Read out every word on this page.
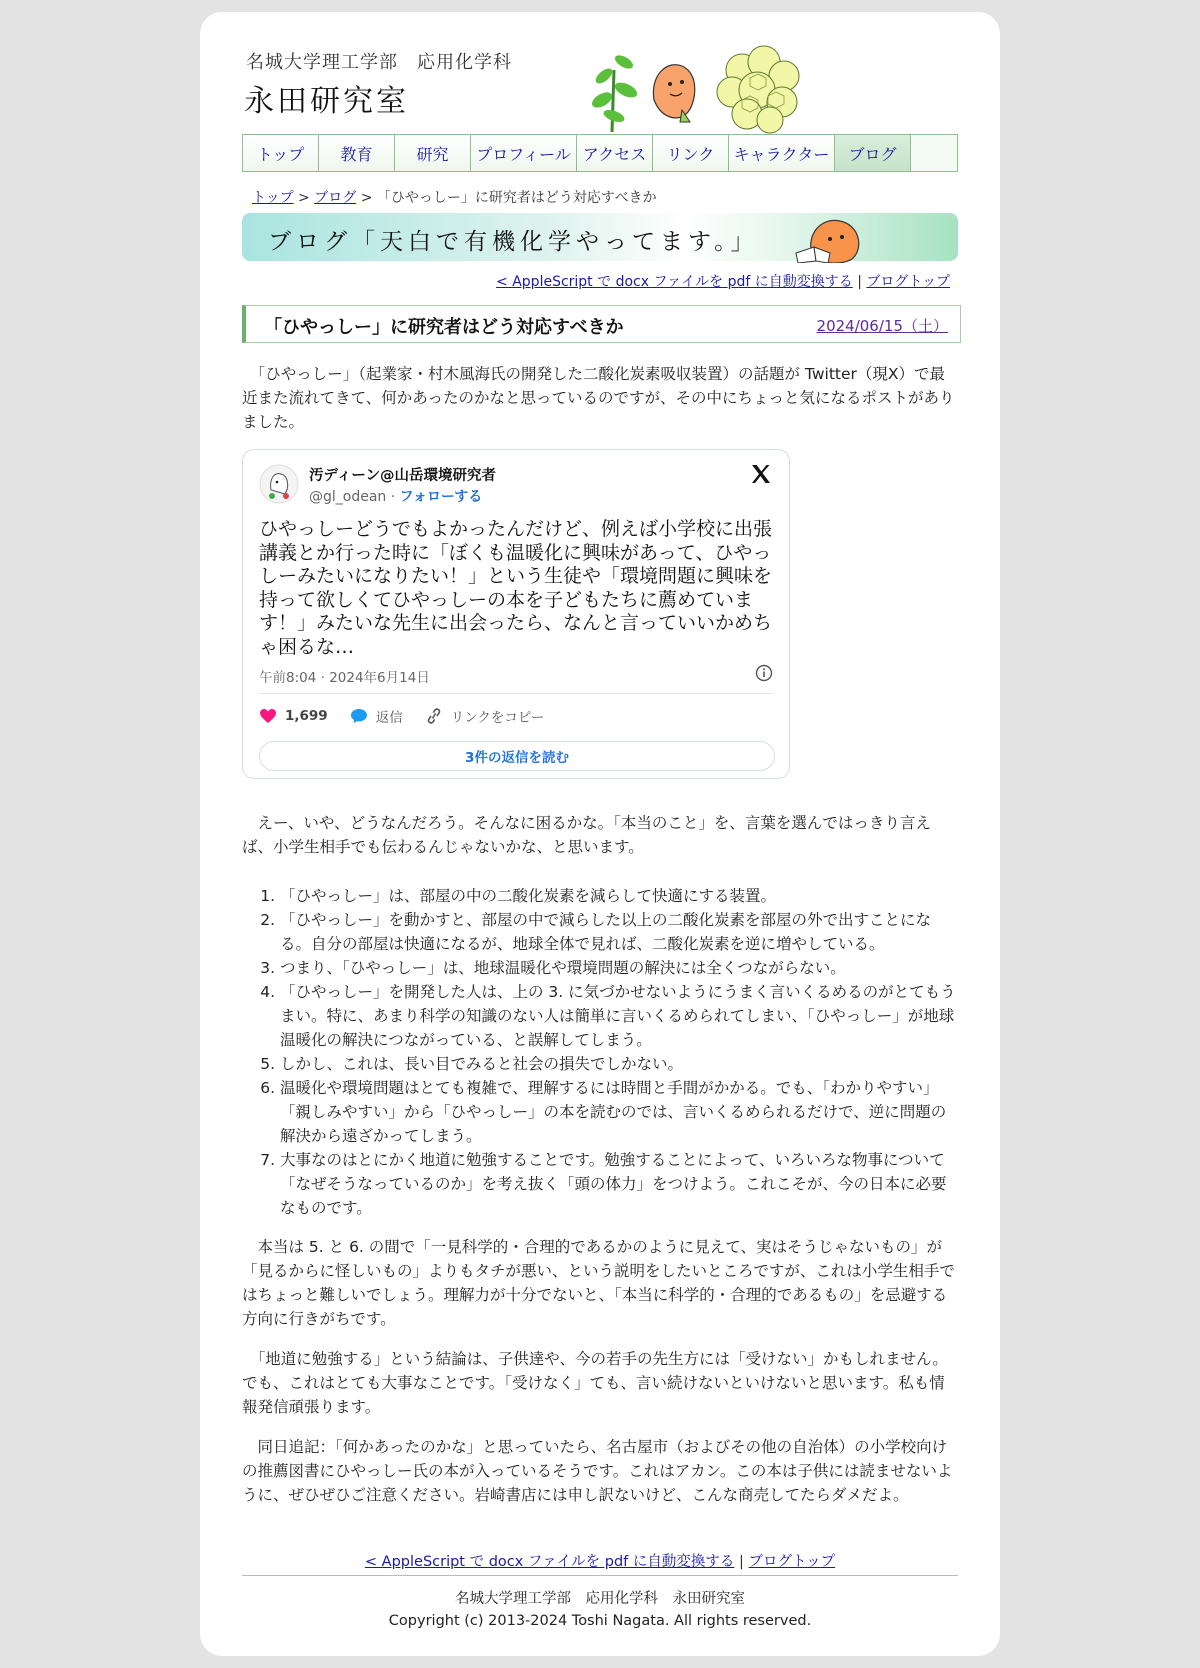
名城大学理工学部　応用化学科
永田研究室
トップ	教育	研究	プロフィール アクセス	リンク	キャラクター	ブログ
トップ > ブログ > 「ひやっしー」に研究者はどう対応すべきか
ブログ「天白で有機化学やってます。」
< AppleScript で docx ファイルを pdf に自動変換する | ブログトップ
「ひやっしー」に研究者はどう対応すべきか	2024/06/15（土）

　「ひやっしー」（起業家・村木風海氏の開発した二酸化炭素吸収装置）の話題が Twitter（現X）で最近また流れてきて、何かあったのかなと思っているのですが、その中にちょっと気になるポストがありました。

汚ディーン@山岳環境研究者
@gl_odean · フォローする
ひやっしーどうでもよかったんだけど、例えば小学校に出張講義とか行った時に「ぼくも温暖化に興味があって、ひやっしーみたいになりたい！」という生徒や「環境問題に興味を持って欲しくてひやっしーの本を子どもたちに薦めています！」みたいな先生に出会ったら、なんと言っていいかめちゃ困るな…
午前8:04 · 2024年6月14日
1,699	返信	リンクをコピー
3件の返信を読む

　えー、いや、どうなんだろう。そんなに困るかな。「本当のこと」を、言葉を選んではっきり言えば、小学生相手でも伝わるんじゃないかな、と思います。

1. 「ひやっしー」は、部屋の中の二酸化炭素を減らして快適にする装置。
2. 「ひやっしー」を動かすと、部屋の中で減らした以上の二酸化炭素を部屋の外で出すことになる。自分の部屋は快適になるが、地球全体で見れば、二酸化炭素を逆に増やしている。
3. つまり、「ひやっしー」は、地球温暖化や環境問題の解決には全くつながらない。
4. 「ひやっしー」を開発した人は、上の 3. に気づかせないようにうまく言いくるめるのがとてもうまい。特に、あまり科学の知識のない人は簡単に言いくるめられてしまい、「ひやっしー」が地球温暖化の解決につながっている、と誤解してしまう。
5. しかし、これは、長い目でみると社会の損失でしかない。
6. 温暖化や環境問題はとても複雑で、理解するには時間と手間がかかる。でも、「わかりやすい」「親しみやすい」から「ひやっしー」の本を読むのでは、言いくるめられるだけで、逆に問題の解決から遠ざかってしまう。
7. 大事なのはとにかく地道に勉強することです。勉強することによって、いろいろな物事について「なぜそうなっているのか」を考え抜く「頭の体力」をつけよう。これこそが、今の日本に必要なものです。

　本当は 5. と 6. の間で「一見科学的・合理的であるかのように見えて、実はそうじゃないもの」が「見るからに怪しいもの」よりもタチが悪い、という説明をしたいところですが、これは小学生相手ではちょっと難しいでしょう。理解力が十分でないと、「本当に科学的・合理的であるもの」を忌避する方向に行きがちです。

　「地道に勉強する」という結論は、子供達や、今の若手の先生方には「受けない」かもしれません。でも、これはとても大事なことです。「受けなく」ても、言い続けないといけないと思います。私も情報発信頑張ります。

　同日追記：「何かあったのかな」と思っていたら、名古屋市（およびその他の自治体）の小学校向けの推薦図書にひやっしー氏の本が入っているそうです。これはアカン。この本は子供には読ませないように、ぜひぜひご注意ください。岩崎書店には申し訳ないけど、こんな商売してたらダメだよ。

< AppleScript で docx ファイルを pdf に自動変換する | ブログトップ
名城大学理工学部　応用化学科　永田研究室
Copyright (c) 2013-2024 Toshi Nagata. All rights reserved.
